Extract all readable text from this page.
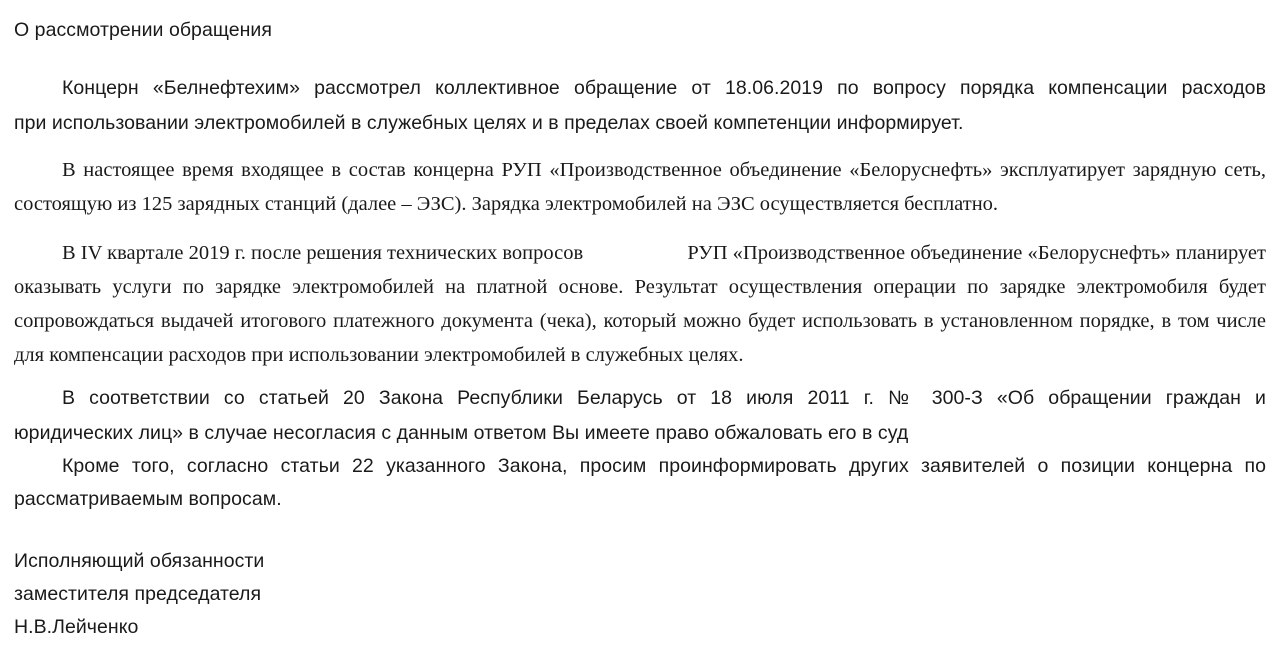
О рассмотрении обращения
Концерн «Белнефтехим» рассмотрел коллективное обращение от 18.06.2019 по вопросу порядка компенсации расходов
при использовании электромобилей в служебных целях и в пределах своей компетенции информирует.
В настоящее время входящее в состав концерна РУП «Производственное объединение «Белоруснефть» эксплуатирует зарядную сеть,
состоящую из 125 зарядных станций (далее – ЭЗС). Зарядка электромобилей на ЭЗС осуществляется бесплатно.
В IV квартале 2019 г. после решения технических вопросов	РУП «Производственное объединение «Белоруснефть» планирует
оказывать услуги по зарядке электромобилей на платной основе. Результат осуществления операции по зарядке электромобиля будет
сопровождаться выдачей итогового платежного документа (чека), который можно будет использовать в установленном порядке, в том числе
для компенсации расходов при использовании электромобилей в служебных целях.
В соответствии со статьей 20 Закона Республики Беларусь от 18 июля 2011 г. № 300-З «Об обращении граждан и
юридических лиц» в случае несогласия с данным ответом Вы имеете право обжаловать его в суд
Кроме того, согласно статьи 22 указанного Закона, просим проинформировать других заявителей о позиции концерна по
рассматриваемым вопросам.
Исполняющий обязанности
заместителя председателя
Н.В.Лейченко
